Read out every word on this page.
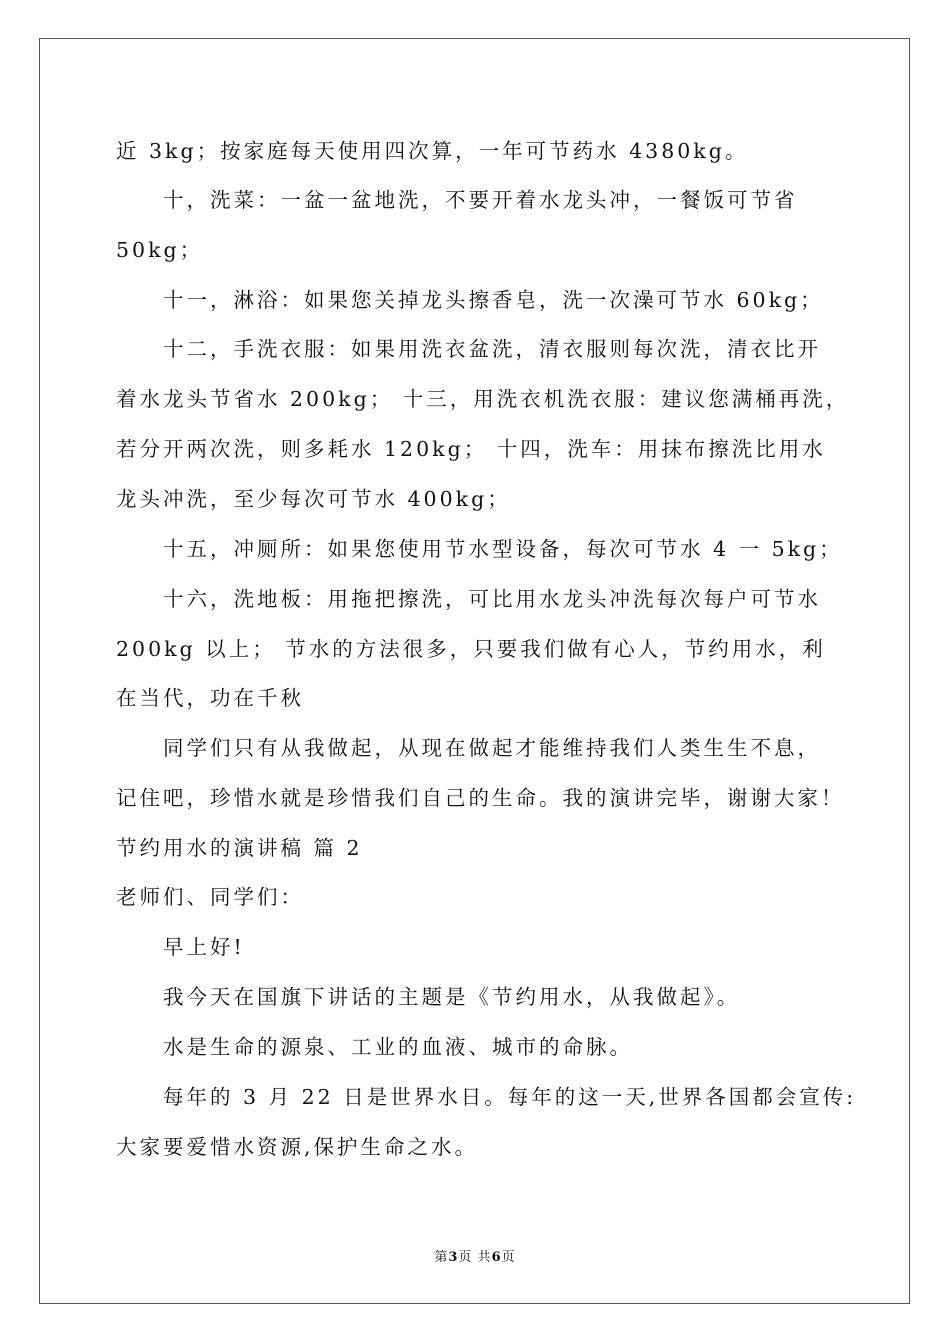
近 3kg；按家庭每天使用四次算，一年可节药水 4380kg。
十，洗菜：一盆一盆地洗，不要开着水龙头冲，一餐饭可节省
50kg；
十一，淋浴：如果您关掉龙头擦香皂，洗一次澡可节水 60kg；
十二，手洗衣服：如果用洗衣盆洗，清衣服则每次洗，清衣比开
着水龙头节省水 200kg； 十三，用洗衣机洗衣服：建议您满桶再洗，
若分开两次洗，则多耗水 120kg； 十四，洗车：用抹布擦洗比用水
龙头冲洗，至少每次可节水 400kg；
十五，冲厕所：如果您使用节水型设备，每次可节水 4 一 5kg；
十六，洗地板：用拖把擦洗，可比用水龙头冲洗每次每户可节水
200kg 以上； 节水的方法很多，只要我们做有心人，节约用水，利
在当代，功在千秋
同学们只有从我做起，从现在做起才能维持我们人类生生不息，
记住吧，珍惜水就是珍惜我们自己的生命。我的演讲完毕，谢谢大家！
节约用水的演讲稿 篇 2
老师们、同学们：
早上好!
我今天在国旗下讲话的主题是《节约用水，从我做起》。
水是生命的源泉、工业的血液、城市的命脉。
每年的 3 月 22 日是世界水日。每年的这一天,世界各国都会宣传:
大家要爱惜水资源,保护生命之水。
第3页 共6页
